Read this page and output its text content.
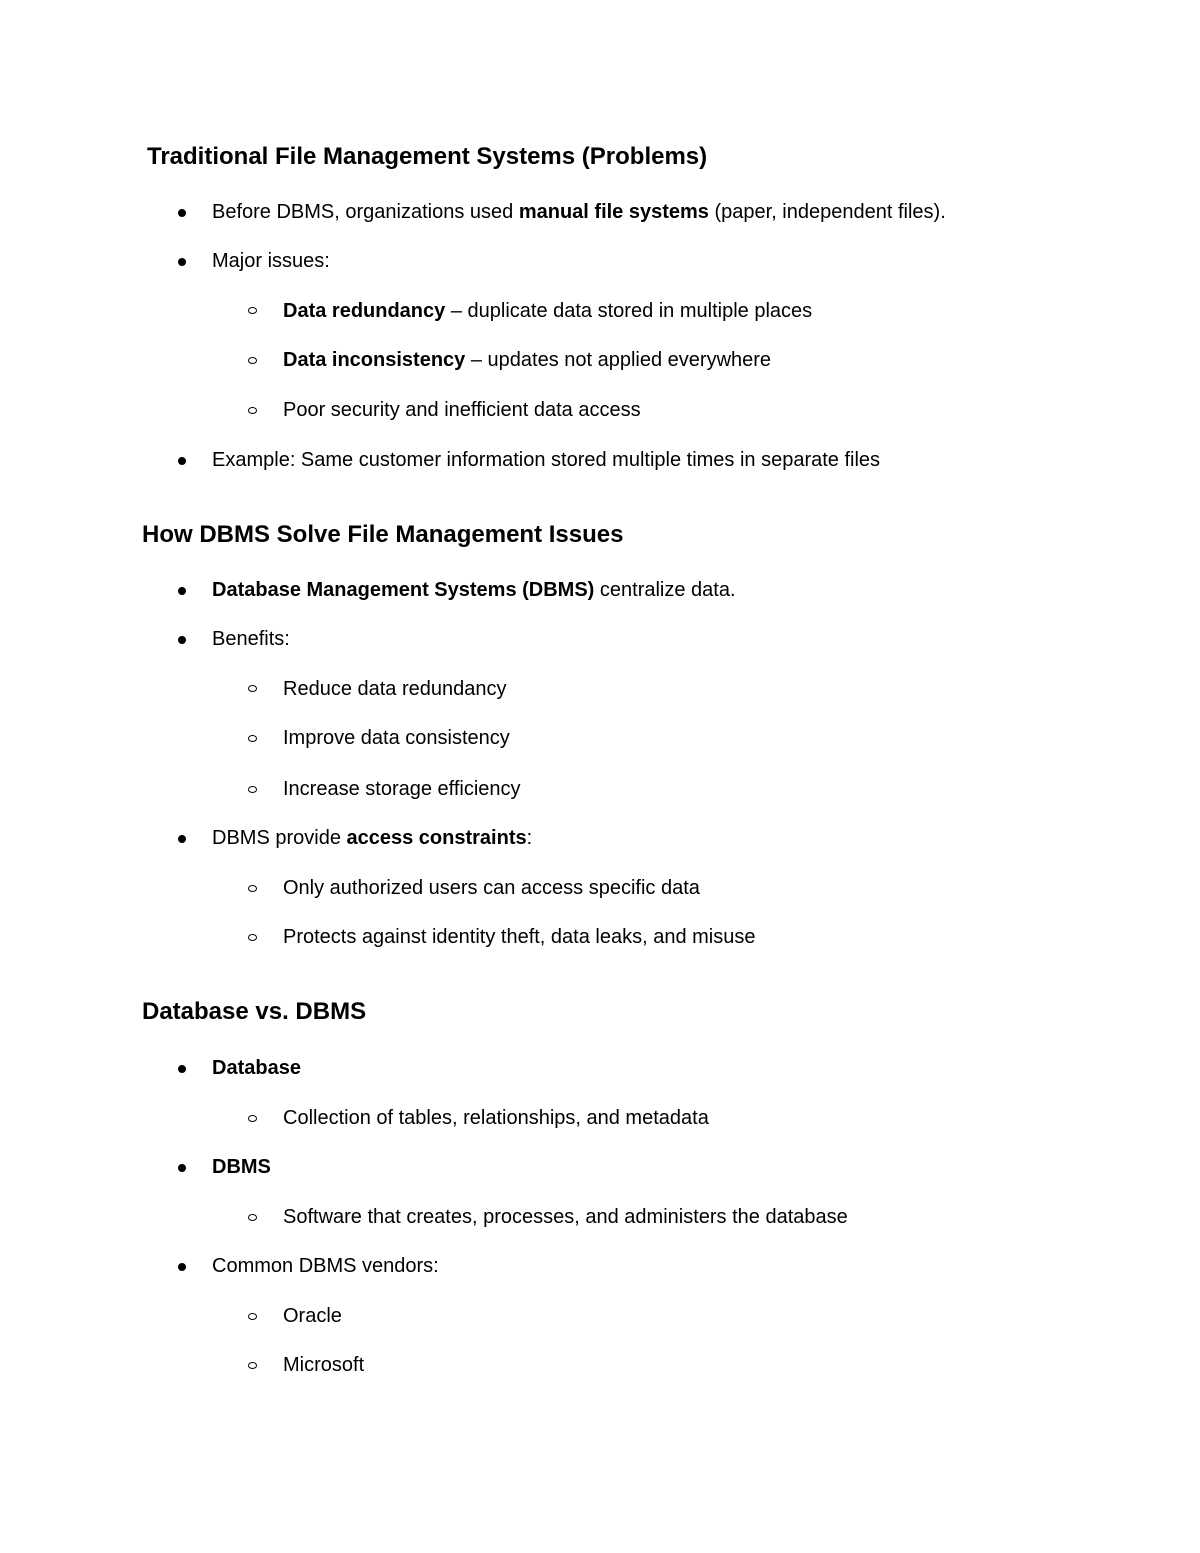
Traditional File Management Systems (Problems)
Before DBMS, organizations used manual file systems (paper, independent files).
Major issues:
Data redundancy – duplicate data stored in multiple places
Data inconsistency – updates not applied everywhere
Poor security and inefficient data access
Example: Same customer information stored multiple times in separate files
How DBMS Solve File Management Issues
Database Management Systems (DBMS) centralize data.
Benefits:
Reduce data redundancy
Improve data consistency
Increase storage efficiency
DBMS provide access constraints:
Only authorized users can access specific data
Protects against identity theft, data leaks, and misuse
Database vs. DBMS
Database
Collection of tables, relationships, and metadata
DBMS
Software that creates, processes, and administers the database
Common DBMS vendors:
Oracle
Microsoft
